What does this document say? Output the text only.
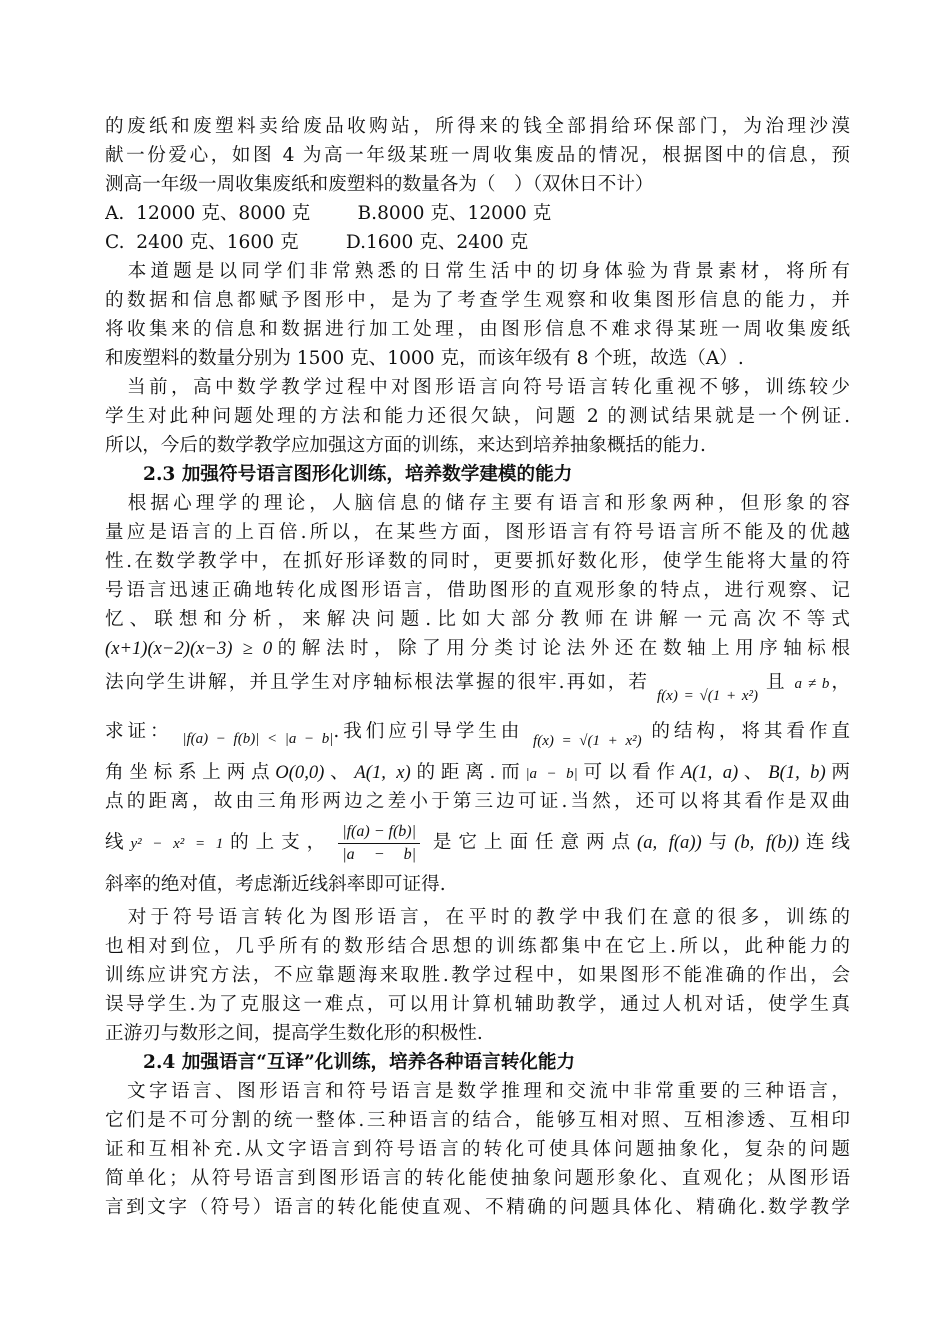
的废纸和废塑料卖给废品收购站，所得来的钱全部捐给环保部门，为治理沙漠
献一份爱心，如图 4 为高一年级某班一周收集废品的情况，根据图中的信息，预
测高一年级一周收集废纸和废塑料的数量各为（　）（双休日不计）
A.  12000 克、8000 克        B.8000 克、12000 克
C.  2400 克、1600 克        D.1600 克、2400 克
　本道题是以同学们非常熟悉的日常生活中的切身体验为背景素材，将所有
的数据和信息都赋予图形中，是为了考查学生观察和收集图形信息的能力，并
将收集来的信息和数据进行加工处理，由图形信息不难求得某班一周收集废纸
和废塑料的数量分别为 1500 克、1000 克，而该年级有 8 个班，故选（A）.
　当前，高中数学教学过程中对图形语言向符号语言转化重视不够，训练较少
学生对此种问题处理的方法和能力还很欠缺，问题 2 的测试结果就是一个例证.
所以，今后的数学教学应加强这方面的训练，来达到培养抽象概括的能力.
2.3 加强符号语言图形化训练，培养数学建模的能力
　根据心理学的理论，人脑信息的储存主要有语言和形象两种，但形象的容
量应是语言的上百倍.所以，在某些方面，图形语言有符号语言所不能及的优越
性.在数学教学中，在抓好形译数的同时，更要抓好数化形，使学生能将大量的符
号语言迅速正确地转化成图形语言，借助图形的直观形象的特点，进行观察、记
忆、联想和分析，来解决问题.比如大部分教师在讲解一元高次不等式
(x+1)(x−2)(x−3) ≥ 0的解法时，除了用分类讨论法外还在数轴上用序轴标根
法向学生讲解，并且学生对序轴标根法掌握的很牢.再如，若 $_{f(x) = √(1 + x^2)}$ 且 a ≠ b，
求证： $_{|f(a) - f(b)| < |a - b|}$.我们应引导学生由 $_{f(x) = √(1 + x^2)}$ 的结构，将其看作直
角坐标系上两点O(0,0)、A(1, x)的距离.而|a − b|可以看作A(1, a)、B(1, b)两
点的距离，故由三角形两边之差小于第三边可证.当然，还可以将其看作是双曲
线y² − x² = 1的上支， $\frac{|f(a) - f(b)|}{|a - b|}$ 是它上面任意两点(a, f(a))与(b, f(b))连线
斜率的绝对值，考虑渐近线斜率即可证得.
　对于符号语言转化为图形语言，在平时的教学中我们在意的很多，训练的
也相对到位，几乎所有的数形结合思想的训练都集中在它上.所以，此种能力的
训练应讲究方法，不应靠题海来取胜.教学过程中，如果图形不能准确的作出，会
误导学生.为了克服这一难点，可以用计算机辅助教学，通过人机对话，使学生真
正游刃与数形之间，提高学生数化形的积极性.
2.4 加强语言“互译”化训练，培养各种语言转化能力
　文字语言、图形语言和符号语言是数学推理和交流中非常重要的三种语言，
它们是不可分割的统一整体.三种语言的结合，能够互相对照、互相渗透、互相印
证和互相补充.从文字语言到符号语言的转化可使具体问题抽象化，复杂的问题
简单化；从符号语言到图形语言的转化能使抽象问题形象化、直观化；从图形语
言到文字（符号）语言的转化能使直观、不精确的问题具体化、精确化.数学教学
